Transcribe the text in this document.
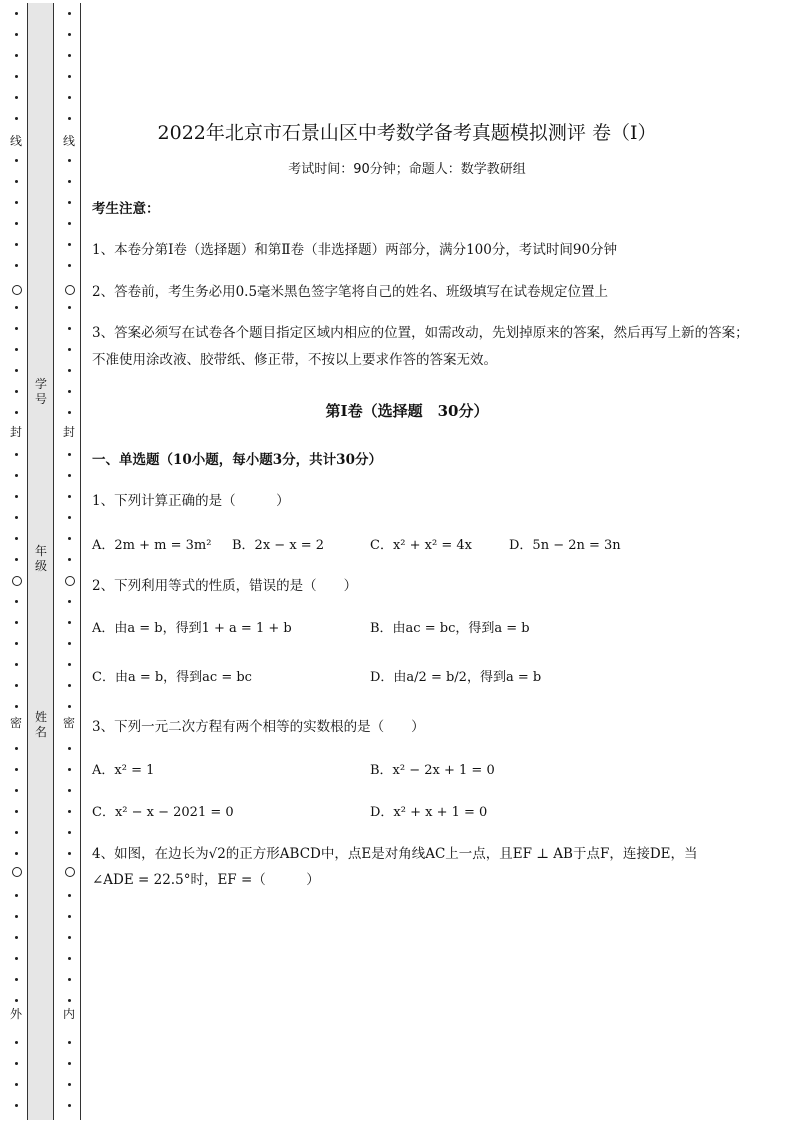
线
封
密
外
线
封
密
内
学号
年级
姓名
2022年北京市石景山区中考数学备考真题模拟测评 卷（Ⅰ）
考试时间：90分钟；命题人：数学教研组
考生注意：
1、本卷分第I卷（选择题）和第Ⅱ卷（非选择题）两部分，满分100分，考试时间90分钟
2、答卷前，考生务必用0.5毫米黑色签字笔将自己的姓名、班级填写在试卷规定位置上
3、答案必须写在试卷各个题目指定区域内相应的位置，如需改动，先划掉原来的答案，然后再写上新的答案；不准使用涂改液、胶带纸、修正带，不按以上要求作答的答案无效。
第Ⅰ卷（选择题　30分）
一、单选题（10小题，每小题3分，共计30分）
1、下列计算正确的是（　　　）
A．2m + m = 3m² B．2x − x = 2	C．x² + x² = 4x	D．5n − 2n = 3n
2、下列利用等式的性质，错误的是（　　）
A．由a = b，得到1 + a = 1 + b	B．由ac = bc，得到a = b
C．由a = b，得到ac = bc	D．由a/2 = b/2，得到a = b
3、下列一元二次方程有两个相等的实数根的是（　　）
A．x² = 1	B．x² − 2x + 1 = 0
C．x² − x − 2021 = 0	D．x² + x + 1 = 0
4、如图，在边长为√2的正方形ABCD中，点E是对角线AC上一点，且EF ⊥ AB于点F，连接DE，当
∠ADE = 22.5°时，EF =（　　　）
